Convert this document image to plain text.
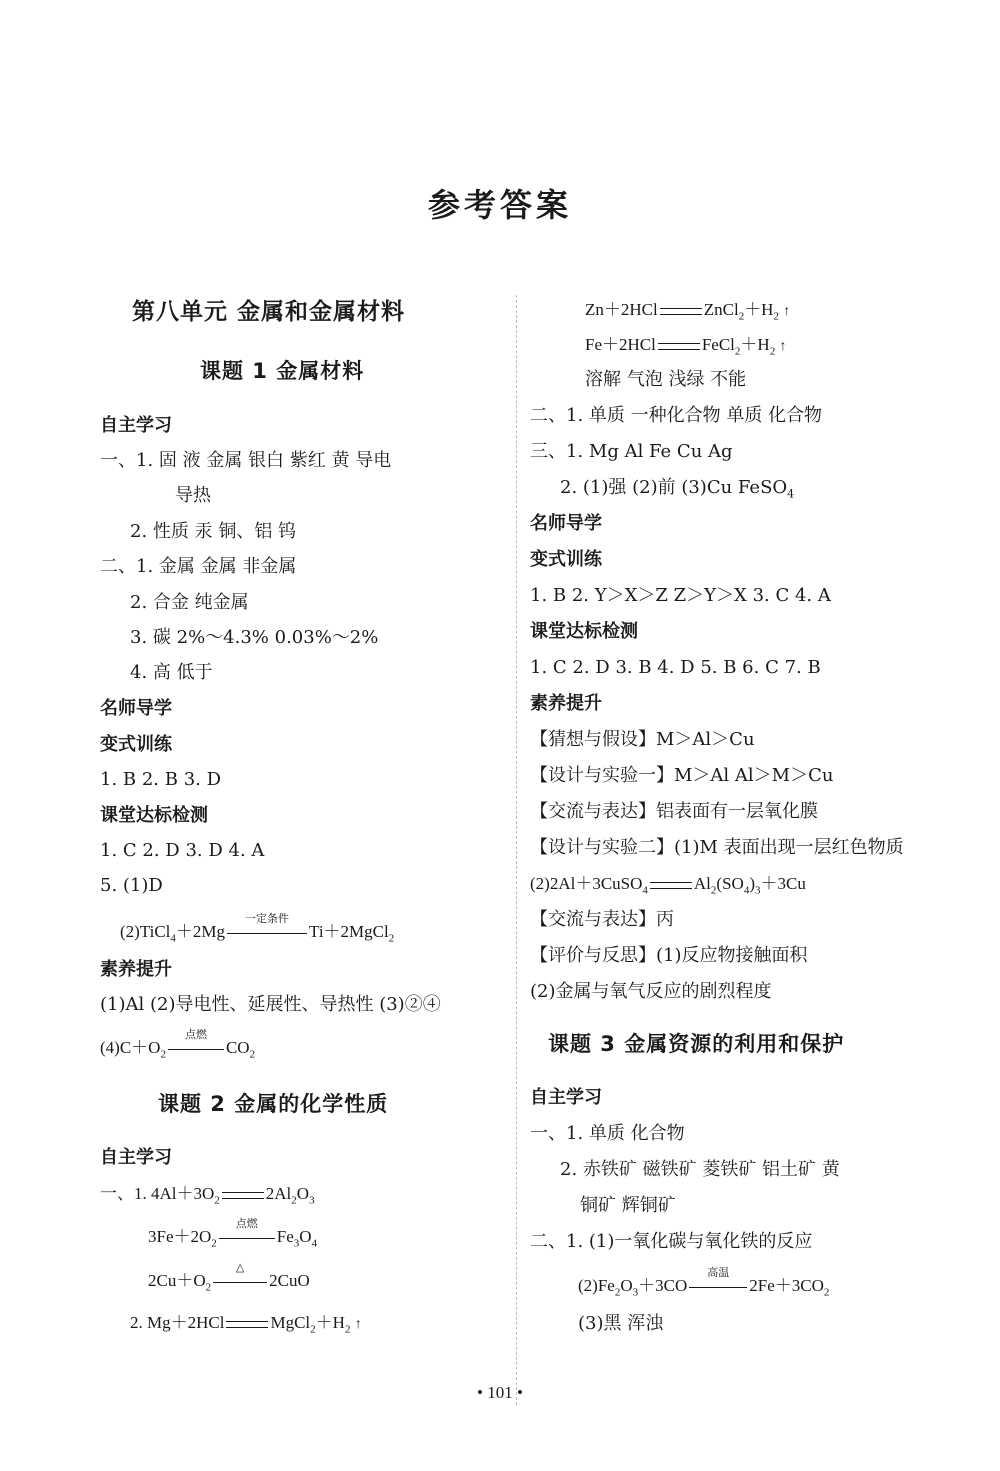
参考答案
第八单元 金属和金属材料
课题 1 金属材料
自主学习
一、1. 固 液 金属 银白 紫红 黄 导电
导热
2. 性质 汞 铜、铝 钨
二、1. 金属 金属 非金属
2. 合金 纯金属
3. 碳 2%～4.3% 0.03%～2%
4. 高 低于
名师导学
变式训练
1. B 2. B 3. D
课堂达标检测
1. C 2. D 3. D 4. A
5. (1)D
(2)TiCl$_4$＋2Mg
一定条件
Ti＋2MgCl$_2$
素养提升
(1)Al (2)导电性、延展性、导热性 (3)②④
$(4)C+O_2$
点燃
$CO_2$
课题 2 金属的化学性质
自主学习
一、1. $4Al+3O_2$	$2Al_2O_3$
$3Fe+2O_2$
点燃
$Fe_3O_4$
$2Cu+O_2$
△
2CuO
2. Mg＋2HCl	$MgCl_2+H_2$ ↑
Zn＋2HCl	$ZnCl_2+H_2$ ↑
Fe＋2HCl	$FeCl_2+H_2$ ↑
溶解 气泡 浅绿 不能
二、1. 单质 一种化合物 单质 化合物
三、1. Mg Al Fe Cu Ag
2. (1)强 (2)前 (3)Cu FeSO$_4$
名师导学
变式训练
1. B 2. Y＞X＞Z Z＞Y＞X 3. C 4. A
课堂达标检测
1. C 2. D 3. B 4. D 5. B 6. C 7. B
素养提升
【猜想与假设】M＞Al＞Cu
【设计与实验一】M＞Al Al＞M＞Cu
【交流与表达】铝表面有一层氧化膜
【设计与实验二】(1)M 表面出现一层红色物质
(2)2Al＋3CuSO$_4$	$Al_2(SO_4)_3+3Cu$
【交流与表达】丙
【评价与反思】(1)反应物接触面积
(2)金属与氧气反应的剧烈程度
课题 3 金属资源的利用和保护
自主学习
一、1. 单质 化合物
2. 赤铁矿 磁铁矿 菱铁矿 铝土矿 黄
铜矿 辉铜矿
二、1. (1)一氧化碳与氧化铁的反应
$(2)Fe_2O_3+3CO$
高温
$2Fe+3CO_2$
(3)黑 浑浊
• 101 •
